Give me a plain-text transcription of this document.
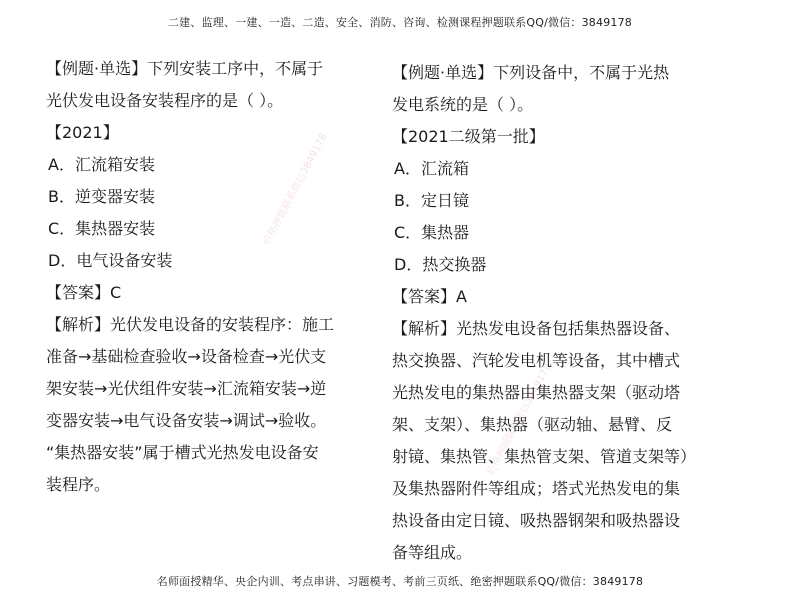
二建、监理、一建、一造、二造、安全、消防、咨询、检测课程押题联系QQ/微信：3849178
价格押题联系微信3849178
价格押题联系微信3849178

【例题·单选】下列安装工序中，不属于

光伏发电设备安装程序的是（ ）。

【2021】

A．汇流箱安装

B．逆变器安装

C．集热器安装

D．电气设备安装

【答案】C

【解析】光伏发电设备的安装程序：施工

准备→基础检查验收→设备检查→光伏支

架安装→光伏组件安装→汇流箱安装→逆

变器安装→电气设备安装→调试→验收。

“集热器安装”属于槽式光热发电设备安

装程序。

【例题·单选】下列设备中，不属于光热

发电系统的是（ ）。

【2021二级第一批】

A．汇流箱

B．定日镜

C．集热器

D．热交换器

【答案】A

【解析】光热发电设备包括集热器设备、

热交换器、汽轮发电机等设备，其中槽式

光热发电的集热器由集热器支架（驱动塔

架、支架）、集热器（驱动轴、悬臂、反

射镜、集热管、集热管支架、管道支架等）

及集热器附件等组成；塔式光热发电的集

热设备由定日镜、吸热器钢架和吸热器设

备等组成。

名师面授精华、央企内训、考点串讲、习题模考、考前三页纸、绝密押题联系QQ/微信：3849178
